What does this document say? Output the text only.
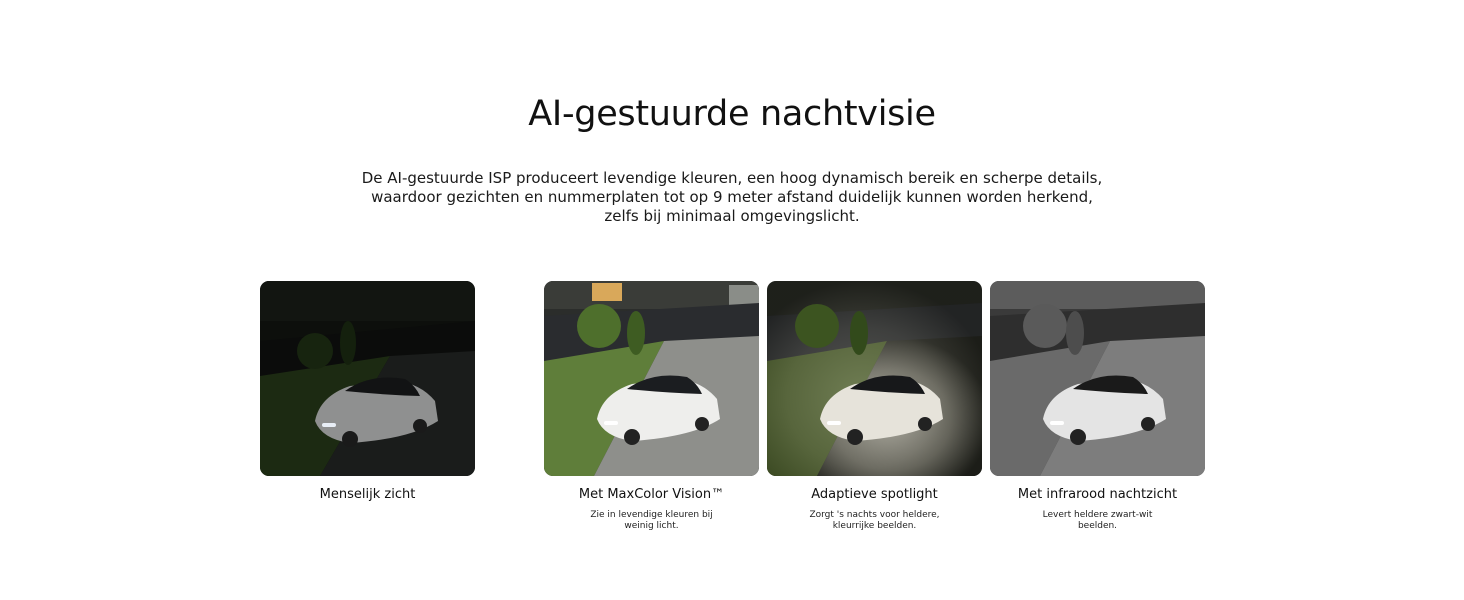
AI-gestuurde nachtvisie

De AI-gestuurde ISP produceert levendige kleuren, een hoog dynamisch bereik en scherpe details, waardoor gezichten en nummerplaten tot op 9 meter afstand duidelijk kunnen worden herkend, zelfs bij minimaal omgevingslicht.

Menselijk zicht	Met MaxColor Vision™
Zie in levendige kleuren bij weinig licht.
Adaptieve spotlight
Zorgt 's nachts voor heldere, kleurrijke beelden.
Met infrarood nachtzicht
Levert heldere zwart-wit beelden.
